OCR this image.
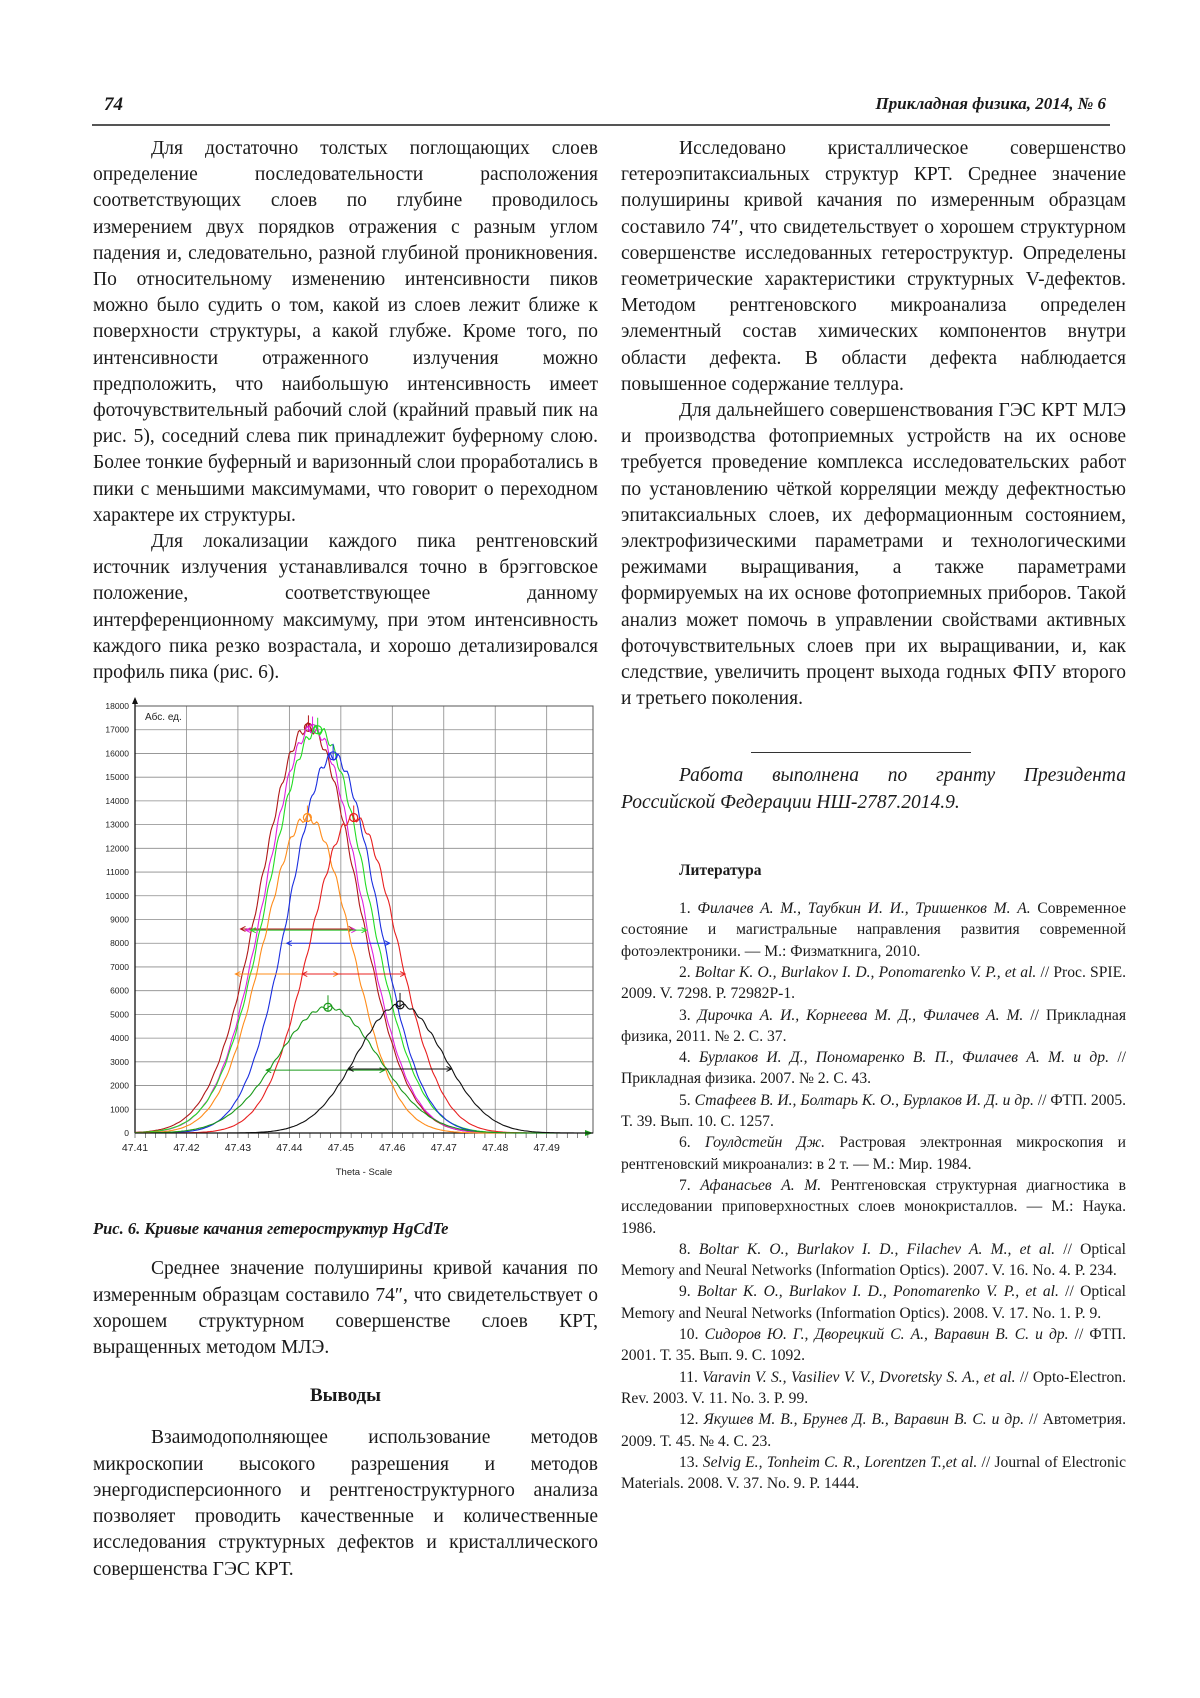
74	Прикладная физика, 2014, № 6

Для достаточно толстых поглощающих слоев определение последовательности расположения соответствующих слоев по глубине проводилось измерением двух порядков отражения с разным углом падения и, следовательно, разной глубиной проникновения. По относительному изменению интенсивности пиков можно было судить о том, какой из слоев лежит ближе к поверхности структуры, а какой глубже. Кроме того, по интенсивности отраженного излучения можно предположить, что наибольшую интенсивность имеет фоточувствительный рабочий слой (крайний правый пик на рис. 5), соседний слева пик принадлежит буферному слою. Более тонкие буферный и варизонный слои проработались в пики с меньшими максимумами, что говорит о переходном характере их структуры.

Для локализации каждого пика рентгеновский источник излучения устанавливался точно в брэгговское положение, соответствующее данному интерференционному максимуму, при этом интенсивность каждого пика резко возрастала, и хорошо детализировался профиль пика (рис. 6).

0
1000
2000
3000
4000
5000
6000
7000
8000
9000
10000
11000
12000
13000
14000
15000
16000
17000
18000
47.41 47.42 47.43 47.44 47.45 47.46 47.47 47.48 47.49
Абс. ед.
Theta - Scale

Рис. 6. Кривые качания гетероструктур HgCdTe

Среднее значение полуширины кривой качания по измеренным образцам составило 74″, что свидетельствует о хорошем структурном совершенстве слоев КРТ, выращенных методом МЛЭ.

Выводы

Взаимодополняющее использование методов микроскопии высокого разрешения и методов энергодисперсионного и рентгеноструктурного анализа позволяет проводить качественные и количественные исследования структурных дефектов и кристаллического совершенства ГЭС КРТ.

Исследовано кристаллическое совершенство гетероэпитаксиальных структур КРТ. Среднее значение полуширины кривой качания по измеренным образцам составило 74″, что свидетельствует о хорошем структурном совершенстве исследованных гетероструктур. Определены геометрические характеристики структурных V-дефектов. Методом рентгеновского микроанализа определен элементный состав химических компонентов внутри области дефекта. В области дефекта наблюдается повышенное содержание теллура.

Для дальнейшего совершенствования ГЭС КРТ МЛЭ и производства фотоприемных устройств на их основе требуется проведение комплекса исследовательских работ по установлению чёткой корреляции между дефектностью эпитаксиальных слоев, их деформационным состоянием, электрофизическими параметрами и технологическими режимами выращивания, а также параметрами формируемых на их основе фотоприемных приборов. Такой анализ может помочь в управлении свойствами активных фоточувствительных слоев при их выращивании, и, как следствие, увеличить процент выхода годных ФПУ второго и третьего поколения.

Работа выполнена по гранту Президента Российской Федерации НШ-2787.2014.9.

Литература

1. Филачев А. М., Таубкин И. И., Тришенков М. А. Современное состояние и магистральные направления развития современной фотоэлектроники. — М.: Физматкнига, 2010.

2. Boltar K. O., Burlakov I. D., Ponomarenko V. P., et al. // Proc. SPIE. 2009. V. 7298. P. 72982P-1.

3. Дирочка А. И., Корнеева М. Д., Филачев А. М. // Прикладная физика, 2011. № 2. С. 37.

4. Бурлаков И. Д., Пономаренко В. П., Филачев А. М. и др. // Прикладная физика. 2007. № 2. С. 43.

5. Стафеев В. И., Болтарь К. О., Бурлаков И. Д. и др. // ФТП. 2005. Т. 39. Вып. 10. С. 1257.

6. Гоулдстейн Дж. Растровая электронная микроскопия и рентгеновский микроанализ: в 2 т. — М.: Мир. 1984.

7. Афанасьев А. М. Рентгеновская структурная диагностика в исследовании приповерхностных слоев монокристаллов. — М.: Наука. 1986.

8. Boltar K. O., Burlakov I. D., Filachev A. M., et al. // Optical Memory and Neural Networks (Information Optics). 2007. V. 16. No. 4. P. 234.

9. Boltar K. O., Burlakov I. D., Ponomarenko V. P., et al. // Optical Memory and Neural Networks (Information Optics). 2008. V. 17. No. 1. P. 9.

10. Сидоров Ю. Г., Дворецкий С. А., Варавин В. С. и др. // ФТП. 2001. Т. 35. Вып. 9. С. 1092.

11. Varavin V. S., Vasiliev V. V., Dvoretsky S. A., et al. // Opto-Electron. Rev. 2003. V. 11. No. 3. P. 99.

12. Якушев М. В., Брунев Д. В., Варавин В. С. и др. // Автометрия. 2009. Т. 45. № 4. С. 23.

13. Selvig E., Tonheim C. R., Lorentzen T.,et al. // Journal of Electronic Materials. 2008. V. 37. No. 9. P. 1444.
